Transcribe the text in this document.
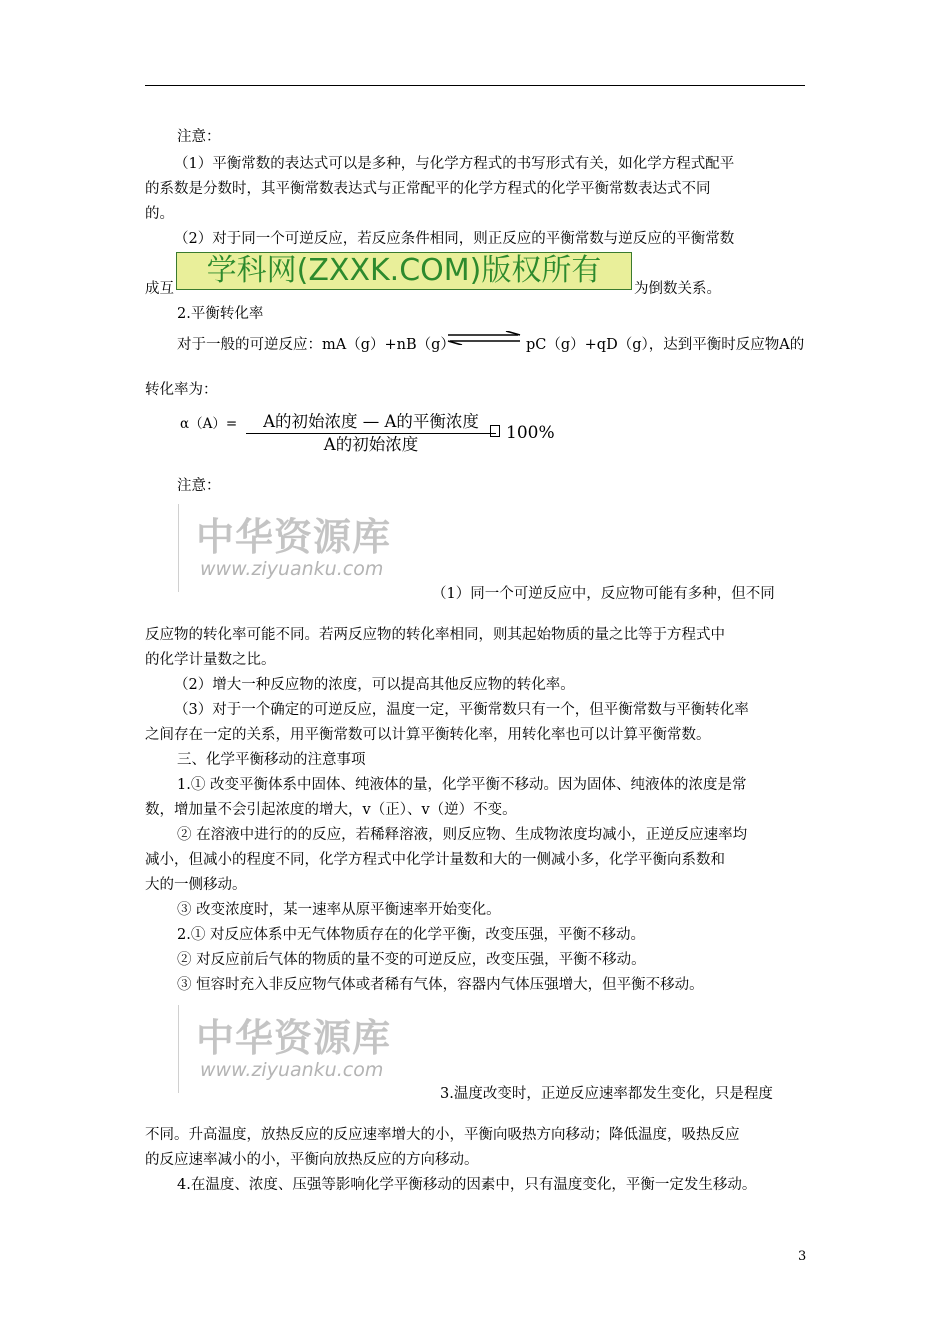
注意：
（1）平衡常数的表达式可以是多种，与化学方程式的书写形式有关，如化学方程式配平
的系数是分数时，其平衡常数表达式与正常配平的化学方程式的化学平衡常数表达式不同
的。
（2）对于同一个可逆反应，若反应条件相同，则正反应的平衡常数与逆反应的平衡常数
成互
学科网(ZXXK.COM)版权所有
为倒数关系。
2.平衡转化率
对于一般的可逆反应：mA（g）+nB（g）	pC（g）+qD（g），达到平衡时反应物A的
转化率为：
α（A）=	A的初始浓度 — A的平衡浓度
A的初始浓度
100%
注意：
中华资源库
www.ziyuanku.com
（1）同一个可逆反应中，反应物可能有多种，但不同
反应物的转化率可能不同。若两反应物的转化率相同，则其起始物质的量之比等于方程式中
的化学计量数之比。
（2）增大一种反应物的浓度，可以提高其他反应物的转化率。
（3）对于一个确定的可逆反应，温度一定，平衡常数只有一个，但平衡常数与平衡转化率
之间存在一定的关系，用平衡常数可以计算平衡转化率，用转化率也可以计算平衡常数。
三、化学平衡移动的注意事项
1.① 改变平衡体系中固体、纯液体的量，化学平衡不移动。因为固体、纯液体的浓度是常
数，增加量不会引起浓度的增大，v（正）、v（逆）不变。
② 在溶液中进行的的反应，若稀释溶液，则反应物、生成物浓度均减小，正逆反应速率均
减小，但减小的程度不同，化学方程式中化学计量数和大的一侧减小多，化学平衡向系数和
大的一侧移动。
③ 改变浓度时，某一速率从原平衡速率开始变化。
2.① 对反应体系中无气体物质存在的化学平衡，改变压强，平衡不移动。
② 对反应前后气体的物质的量不变的可逆反应，改变压强，平衡不移动。
③ 恒容时充入非反应物气体或者稀有气体，容器内气体压强增大，但平衡不移动。
中华资源库
www.ziyuanku.com
3.温度改变时，正逆反应速率都发生变化，只是程度
不同。升高温度，放热反应的反应速率增大的小，平衡向吸热方向移动；降低温度，吸热反应
的反应速率减小的小，平衡向放热反应的方向移动。
4.在温度、浓度、压强等影响化学平衡移动的因素中，只有温度变化，平衡一定发生移动。
3
